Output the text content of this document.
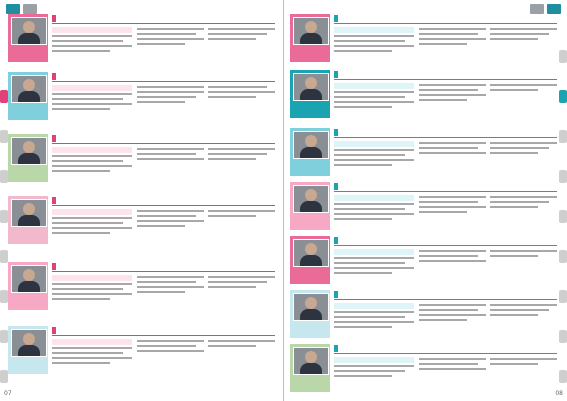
07	08
